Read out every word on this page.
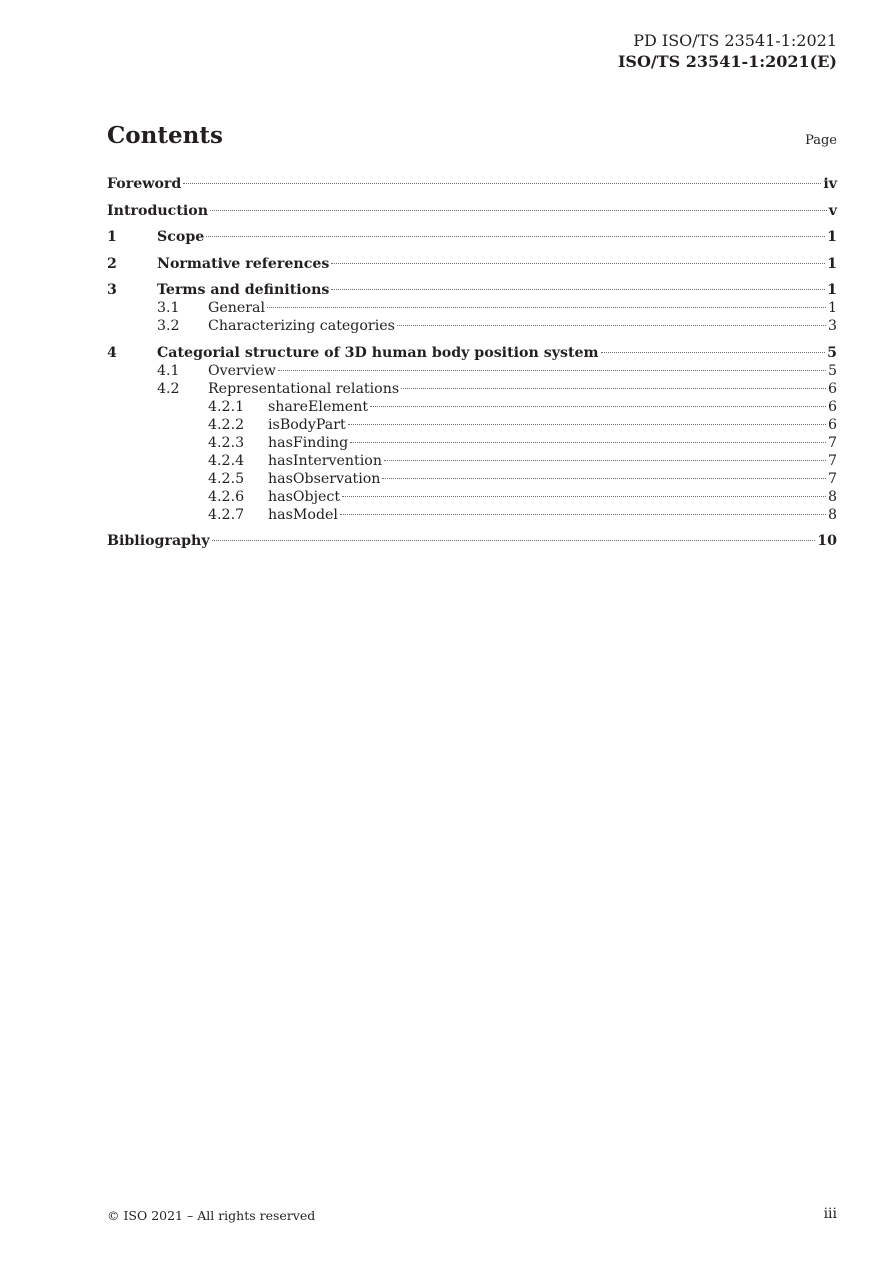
PD ISO/TS 23541-1:2021
ISO/TS 23541-1:2021(E)
Contents	Page
Foreword	iv
Introduction	v
1	Scope	1
2	Normative references	1
3	Terms and definitions	1
3.1	General	1
3.2	Characterizing categories	3
4	Categorial structure of 3D human body position system	5
4.1	Overview	5
4.2	Representational relations	6
4.2.1	shareElement	6
4.2.2	isBodyPart	6
4.2.3	hasFinding	7
4.2.4	hasIntervention	7
4.2.5	hasObservation	7
4.2.6	hasObject	8
4.2.7	hasModel	8
Bibliography	10
© ISO 2021 – All rights reserved	iii
